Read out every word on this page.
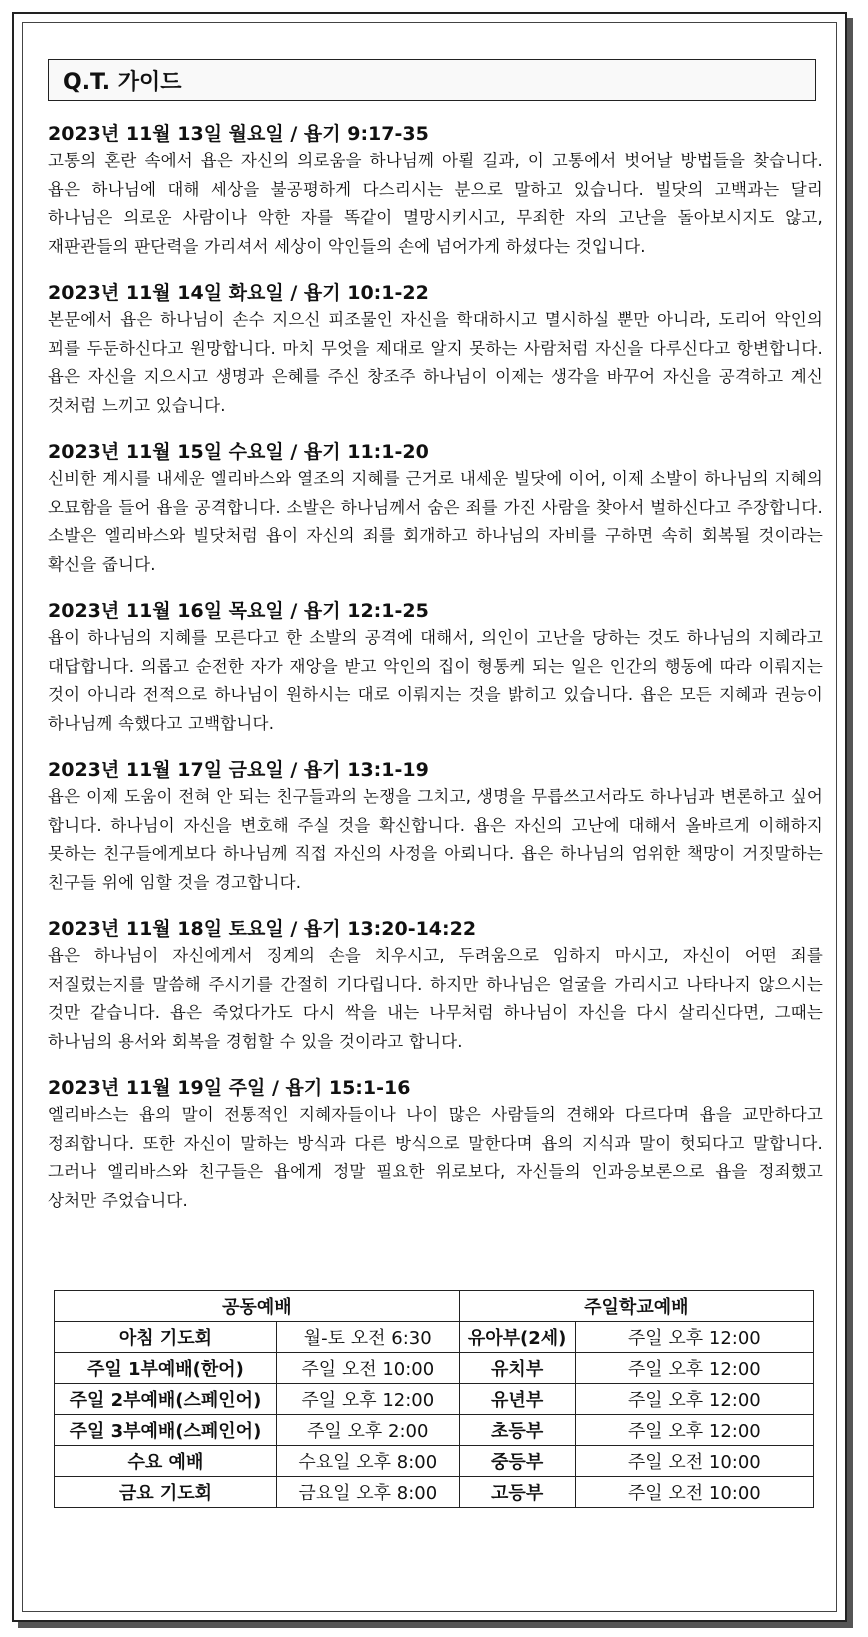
Q.T. 가이드
2023년 11월 13일 월요일 / 욥기 9:17-35
고통의 혼란 속에서 욥은 자신의 의로움을 하나님께 아뢸 길과, 이 고통에서 벗어날 방법들을 찾습니다. 욥은 하나님에 대해 세상을 불공평하게 다스리시는 분으로 말하고 있습니다. 빌닷의 고백과는 달리 하나님은 의로운 사람이나 악한 자를 똑같이 멸망시키시고, 무죄한 자의 고난을 돌아보시지도 않고, 재판관들의 판단력을 가리셔서 세상이 악인들의 손에 넘어가게 하셨다는 것입니다.
2023년 11월 14일 화요일 / 욥기 10:1-22
본문에서 욥은 하나님이 손수 지으신 피조물인 자신을 학대하시고 멸시하실 뿐만 아니라, 도리어 악인의 꾀를 두둔하신다고 원망합니다. 마치 무엇을 제대로 알지 못하는 사람처럼 자신을 다루신다고 항변합니다. 욥은 자신을 지으시고 생명과 은혜를 주신 창조주 하나님이 이제는 생각을 바꾸어 자신을 공격하고 계신 것처럼 느끼고 있습니다.
2023년 11월 15일 수요일 / 욥기 11:1-20
신비한 계시를 내세운 엘리바스와 열조의 지혜를 근거로 내세운 빌닷에 이어, 이제 소발이 하나님의 지혜의 오묘함을 들어 욥을 공격합니다. 소발은 하나님께서 숨은 죄를 가진 사람을 찾아서 벌하신다고 주장합니다. 소발은 엘리바스와 빌닷처럼 욥이 자신의 죄를 회개하고 하나님의 자비를 구하면 속히 회복될 것이라는 확신을 줍니다.
2023년 11월 16일 목요일 / 욥기 12:1-25
욥이 하나님의 지혜를 모른다고 한 소발의 공격에 대해서, 의인이 고난을 당하는 것도 하나님의 지혜라고 대답합니다. 의롭고 순전한 자가 재앙을 받고 악인의 집이 형통케 되는 일은 인간의 행동에 따라 이뤄지는 것이 아니라 전적으로 하나님이 원하시는 대로 이뤄지는 것을 밝히고 있습니다. 욥은 모든 지혜과 권능이 하나님께 속했다고 고백합니다.
2023년 11월 17일 금요일 / 욥기 13:1-19
욥은 이제 도움이 전혀 안 되는 친구들과의 논쟁을 그치고, 생명을 무릅쓰고서라도 하나님과 변론하고 싶어 합니다. 하나님이 자신을 변호해 주실 것을 확신합니다. 욥은 자신의 고난에 대해서 올바르게 이해하지 못하는 친구들에게보다 하나님께 직접 자신의 사정을 아뢰니다. 욥은 하나님의 엄위한 책망이 거짓말하는 친구들 위에 임할 것을 경고합니다.
2023년 11월 18일 토요일 / 욥기 13:20-14:22
욥은 하나님이 자신에게서 징계의 손을 치우시고, 두려움으로 임하지 마시고, 자신이 어떤 죄를 저질렀는지를 말씀해 주시기를 간절히 기다립니다. 하지만 하나님은 얼굴을 가리시고 나타나지 않으시는 것만 같습니다. 욥은 죽었다가도 다시 싹을 내는 나무처럼 하나님이 자신을 다시 살리신다면, 그때는 하나님의 용서와 회복을 경험할 수 있을 것이라고 합니다.
2023년 11월 19일 주일 / 욥기 15:1-16
엘리바스는 욥의 말이 전통적인 지혜자들이나 나이 많은 사람들의 견해와 다르다며 욥을 교만하다고 정죄합니다. 또한 자신이 말하는 방식과 다른 방식으로 말한다며 욥의 지식과 말이 헛되다고 말합니다. 그러나 엘리바스와 친구들은 욥에게 정말 필요한 위로보다, 자신들의 인과응보론으로 욥을 정죄했고 상처만 주었습니다.
공동예배		주일학교예배	
아침 기도회	월-토 오전 6:30	유아부(2세)	주일 오후 12:00
주일 1부예배(한어)	주일 오전 10:00	유치부	주일 오후 12:00
주일 2부예배(스페인어)	주일 오후 12:00	유년부	주일 오후 12:00
주일 3부예배(스페인어)	주일 오후 2:00	초등부	주일 오후 12:00
수요 예배	수요일 오후 8:00	중등부	주일 오전 10:00
금요 기도회	금요일 오후 8:00	고등부	주일 오전 10:00
